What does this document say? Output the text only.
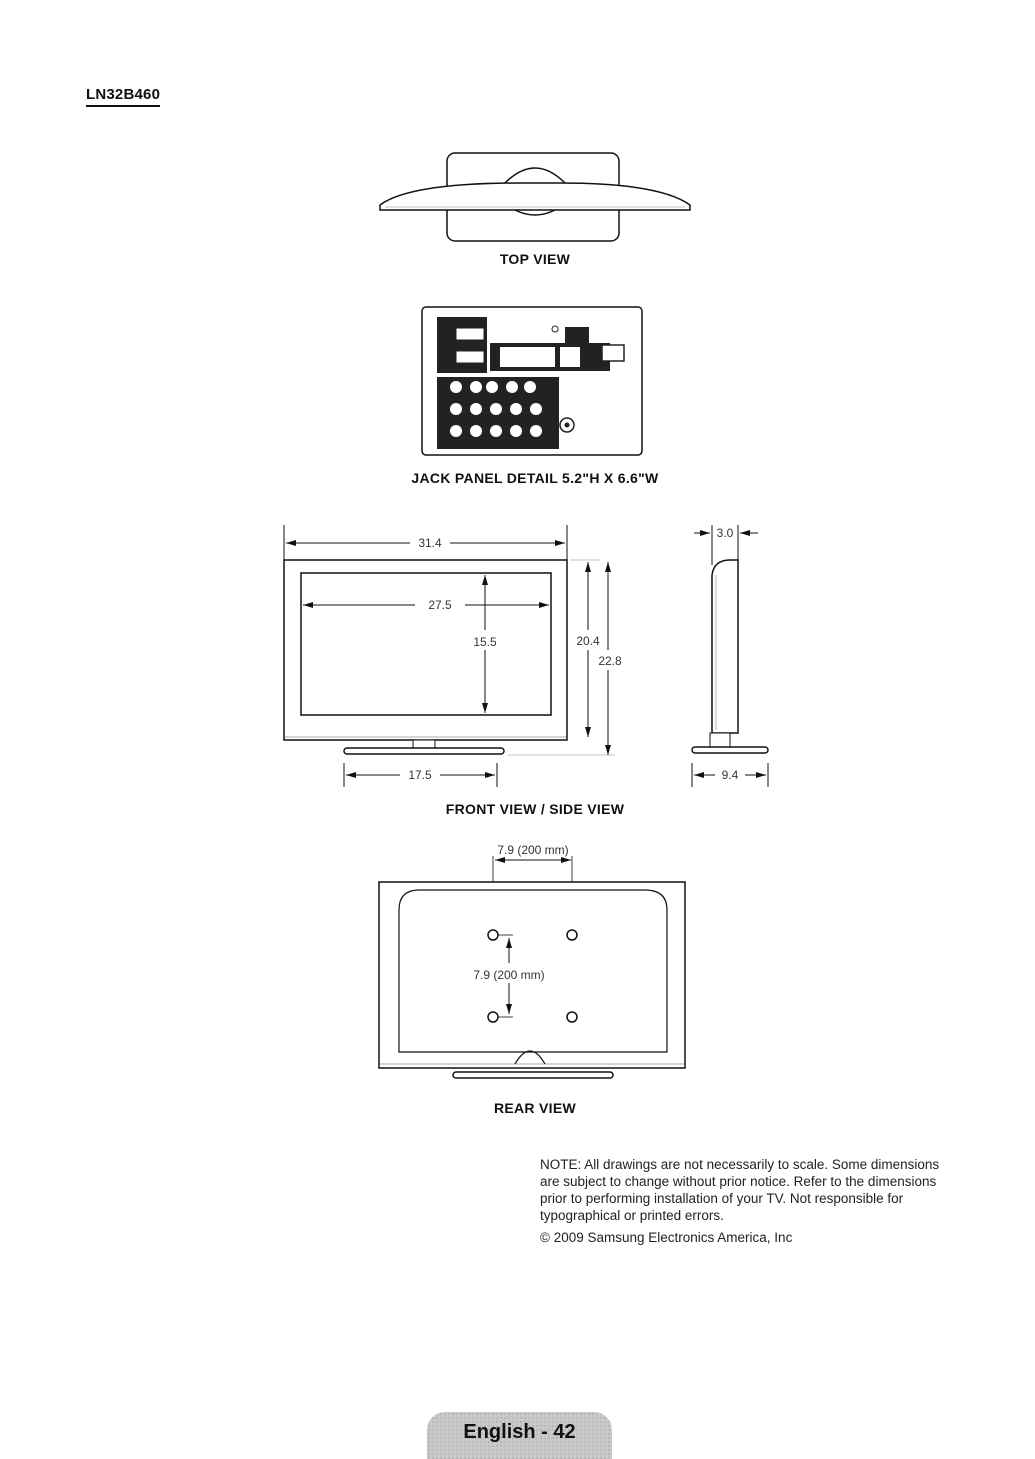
LN32B460
TOP VIEW
JACK PANEL DETAIL 5.2"H X 6.6"W
31.4
27.5
15.5	20.4
22.8
17.5
3.0
9.4
FRONT VIEW / SIDE VIEW
7.9 (200 mm)
7.9 (200 mm)
REAR VIEW
NOTE: All drawings are not necessarily to scale. Some dimensions are subject to change without prior notice. Refer to the dimensions prior to performing installation of your TV. Not responsible for typographical or printed errors.
© 2009 Samsung Electronics America, Inc
English - 42
